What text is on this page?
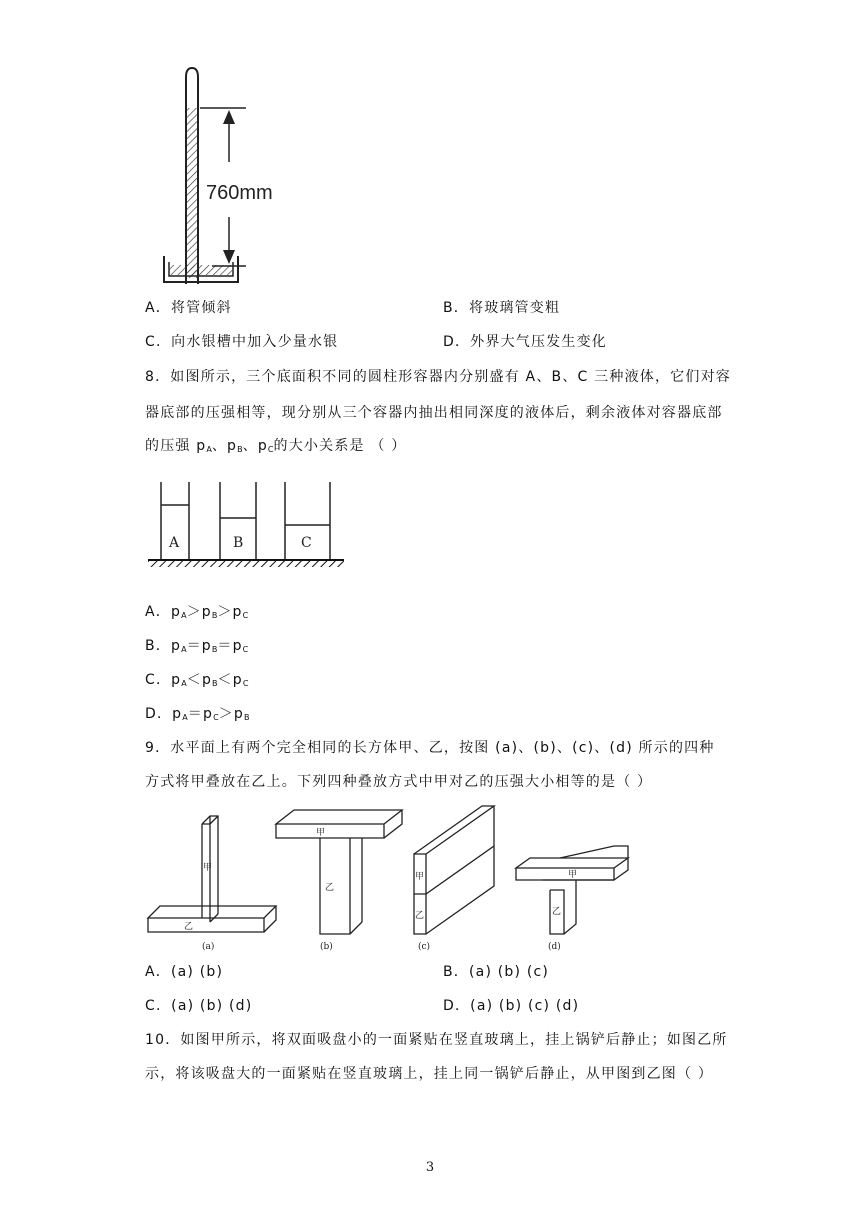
760mm
A．将管倾斜	B．将玻璃管变粗
C．向水银槽中加入少量水银	D．外界大气压发生变化
8．如图所示，三个底面积不同的圆柱形容器内分别盛有 A、B、C 三种液体，它们对容
器底部的压强相等，现分别从三个容器内抽出相同深度的液体后，剩余液体对容器底部
的压强 $p_A$、$p_B$、$p_C$的大小关系是 （ ）
A	B	C
A．$p_A>p_B>p_C$
B．$p_A=p_B=p_C$
C．$p_A<p_B<p_C$
D．$p_A=p_C>p_B$
9．水平面上有两个完全相同的长方体甲、乙，按图 (a)、(b)、(c)、(d) 所示的四种
方式将甲叠放在乙上。下列四种叠放方式中甲对乙的压强大小相等的是（ ）
甲
乙
甲
乙
甲
乙
甲
乙
(a)	(b)	(c)	(d)
A．(a) (b)	B．(a) (b) (c)
C．(a) (b) (d)	D．(a) (b) (c) (d)
10．如图甲所示，将双面吸盘小的一面紧贴在竖直玻璃上，挂上锅铲后静止；如图乙所
示，将该吸盘大的一面紧贴在竖直玻璃上，挂上同一锅铲后静止，从甲图到乙图（ ）
3
